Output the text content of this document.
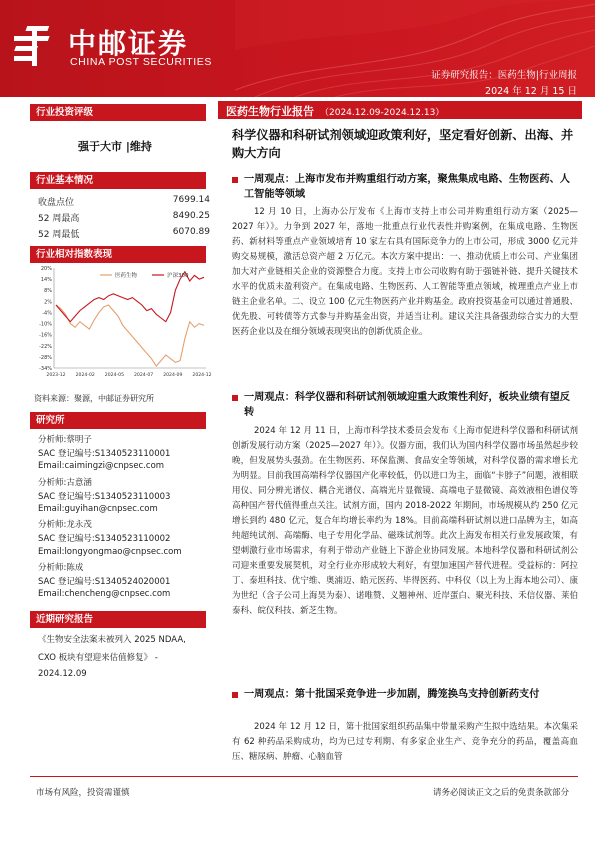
中邮证券
CHINA POST SECURITIES
证券研究报告：医药生物|行业周报
2024 年 12 月 15 日
行业投资评级
强于大市 |维持
行业基本情况
收盘点位	7699.14
52 周最高	8490.25
52 周最低	6070.89
行业相对指数表现
20%
14%
8%
2%
-4%
-10%
-16%
-22%
-28%
-34%
2023-12 2024-02 2024-05 2024-07 2024-09 2024-12
医药生物	沪深300
资料来源：聚源，中邮证券研究所
研究所
分析师:蔡明子
SAC 登记编号:S1340523110001
Email:caimingzi@cnpsec.com
分析师:古意涵
SAC 登记编号:S1340523110003
Email:guyihan@cnpsec.com
分析师:龙永茂
SAC 登记编号:S1340523110002
Email:longyongmao@cnpsec.com
分析师:陈成
SAC 登记编号:S1340524020001
Email:chencheng@cnpsec.com
近期研究报告
《生物安全法案未被列入 2025 NDAA,
CXO 板块有望迎来估值修复》 -
2024.12.09
医药生物行业报告 （2024.12.09-2024.12.13）
科学仪器和科研试剂领域迎政策利好，坚定看好创新、出海、并购大方向
一周观点：上海市发布并购重组行动方案，聚焦集成电路、生物医药、人工智能等领域
12 月 10 日，上海办公厅发布《上海市支持上市公司并购重组行动方案（2025—2027 年）》。力争到 2027 年，落地一批重点行业代表性并购案例，在集成电路、生物医药、新材料等重点产业领域培育 10 家左右具有国际竞争力的上市公司，形成 3000 亿元并购交易规模，激活总资产超 2 万亿元。本次方案中提出：一、推动优质上市公司、产业集团加大对产业链相关企业的资源整合力度。支持上市公司收购有助于强链补链、提升关键技术水平的优质未盈利资产。在集成电路、生物医药、人工智能等重点领域，梳理重点产业上市链主企业名单。二、设立 100 亿元生物医药产业并购基金。政府投资基金可以通过普通股、优先股、可转债等方式参与并购基金出资，并适当让利。建议关注具备强劲综合实力的大型医药企业以及在细分领域表现突出的创新优质企业。
一周观点：科学仪器和科研试剂领域迎重大政策性利好，板块业绩有望反转
2024 年 12 月 11 日，上海市科学技术委员会发布《上海市促进科学仪器和科研试剂创新发展行动方案（2025—2027 年）》。仪器方面，我们认为国内科学仪器市场虽然起步较晚，但发展势头强劲。在生物医药、环保监测、食品安全等领域，对科学仪器的需求增长尤为明显。目前我国高端科学仪器国产化率较低，仍以进口为主，面临“卡脖子”问题，液相联用仪、同分辨光谱仪、耦合光谱仪、高端光片显微镜、高端电子显微镜、高效液相色谱仪等高种国产替代值得重点关注。试剂方面，国内 2018-2022 年期间，市场规模从约 250 亿元增长到约 480 亿元，复合年均增长率约为 18%。目前高端科研试剂以进口品牌为主，如高纯超纯试剂、高端酶、电子专用化学品、磁珠试剂等。此次上海发布相关行业发展政策，有望刺激行业市场需求，有利于带动产业链上下游企业协同发展。本地科学仪器和科研试剂公司迎来重要发展契机，对全行业亦形成较大利好，有望加速国产替代进程。受益标的：阿拉丁、泰坦科技、优宁维、奥浦迈、皓元医药、毕得医药、中科仪（以上为上海本地公司）、康为世纪（含子公司上海昊为泰）、诺唯赞、义翘神州、近岸蛋白、聚光科技、禾信仪器、莱伯泰科、皖仪科技、新芝生物。
一周观点：第十批国采竞争进一步加剧，腾笼换鸟支持创新药支付
2024 年 12 月 12 日，第十批国家组织药品集中带量采购产生拟中选结果。本次集采有 62 种药品采购成功，均为已过专利期、有多家企业生产、竞争充分的药品，覆盖高血压、糖尿病、肿瘤、心脑血管
市场有风险，投资需谨慎	请务必阅读正文之后的免责条款部分
